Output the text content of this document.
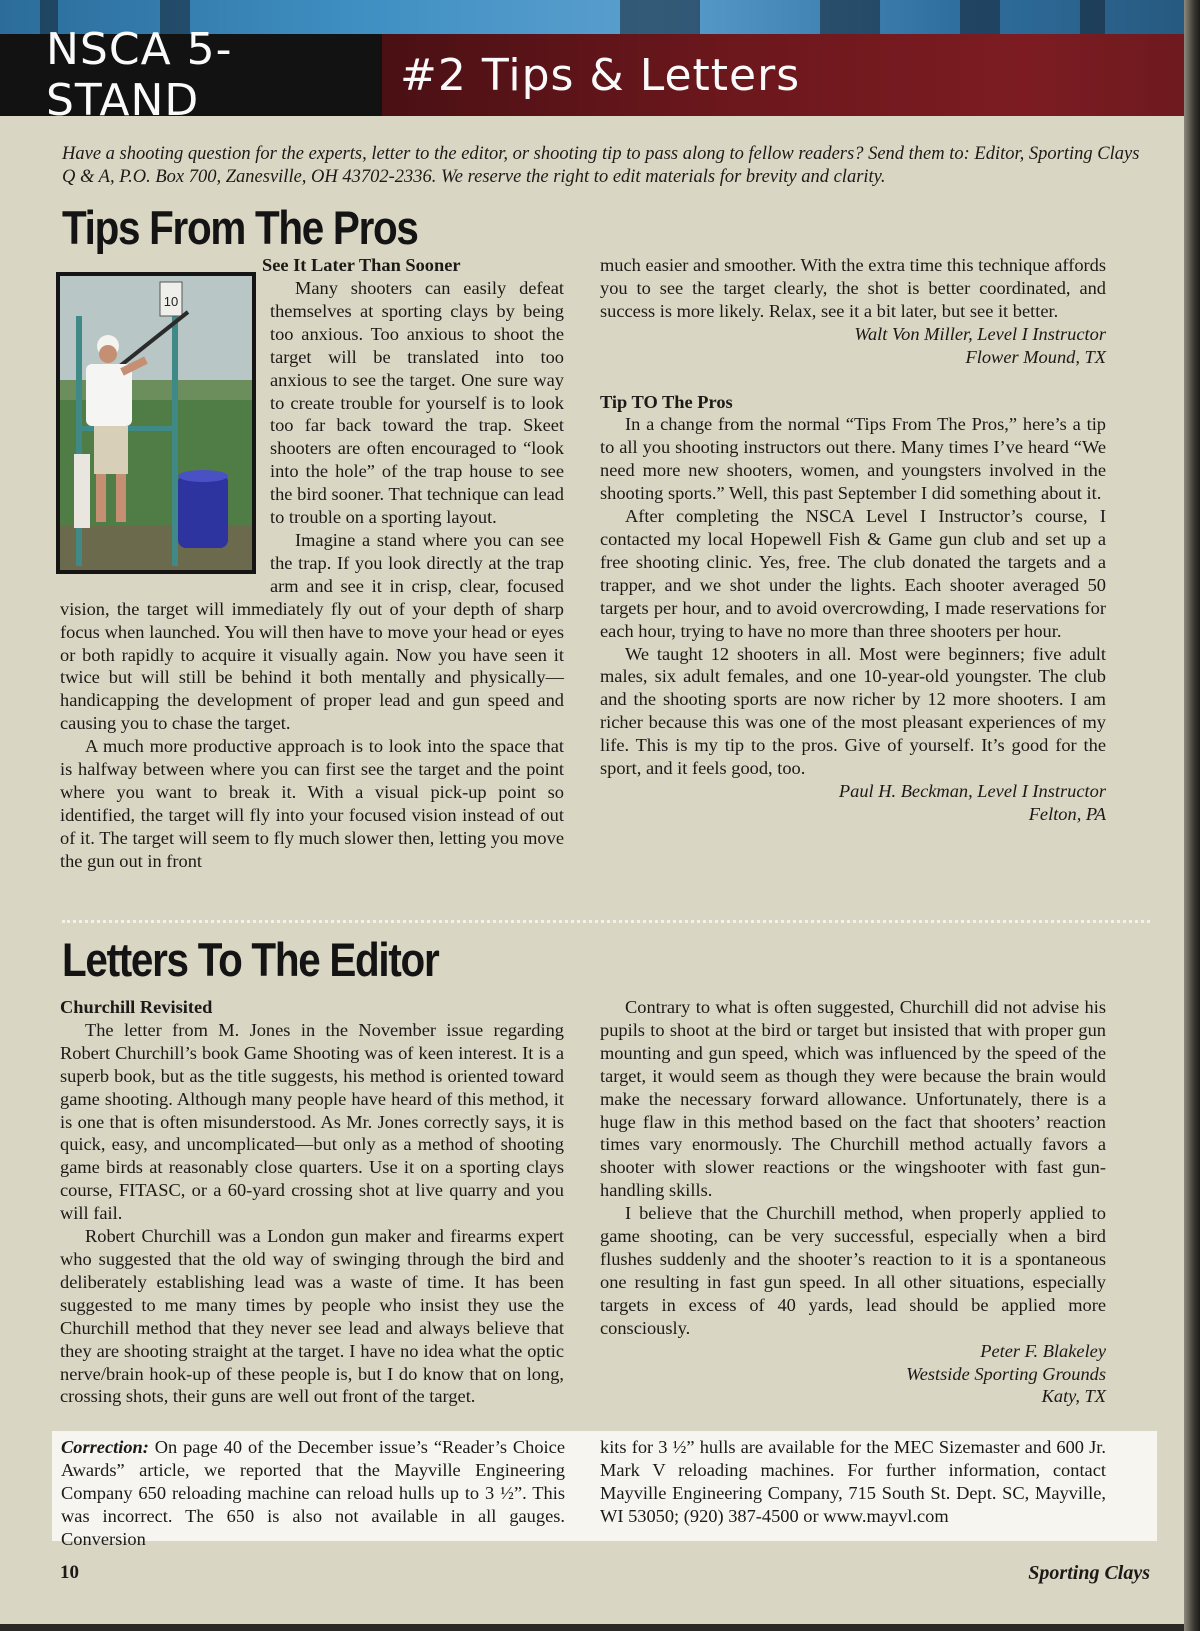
NSCA 5-STAND	#2 Tips & Letters
Have a shooting question for the experts, letter to the editor, or shooting tip to pass along to fellow readers? Send them to: Editor, Sporting Clays Q & A, P.O. Box 700, Zanesville, OH 43702-2336. We reserve the right to edit materials for brevity and clarity.
Tips From The Pros
10
See It Later Than Sooner

Many shooters can easily defeat themselves at sporting clays by being too anxious. Too anxious to shoot the target will be translated into too anxious to see the target. One sure way to create trouble for yourself is to look too far back toward the trap. Skeet shooters are often encouraged to “look into the hole” of the trap house to see the bird sooner. That technique can lead to trouble on a sporting layout.

Imagine a stand where you can see the trap. If you look directly at the trap arm and see it in crisp, clear, focused vision, the target will immediately fly out of your depth of sharp focus when launched. You will then have to move your head or eyes or both rapidly to acquire it visually again. Now you have seen it twice but will still be behind it both mentally and physically—handicapping the development of proper lead and gun speed and causing you to chase the target.

A much more productive approach is to look into the space that is halfway between where you can first see the target and the point where you want to break it. With a visual pick-up point so identified, the target will fly into your focused vision instead of out of it. The target will seem to fly much slower then, letting you move the gun out in front

much easier and smoother. With the extra time this technique affords you to see the target clearly, the shot is better coordinated, and success is more likely. Relax, see it a bit later, but see it better.

Walt Von Miller, Level I Instructor

Flower Mound, TX

Tip TO The Pros

In a change from the normal “Tips From The Pros,” here’s a tip to all you shooting instructors out there. Many times I’ve heard “We need more new shooters, women, and youngsters involved in the shooting sports.” Well, this past September I did something about it.

After completing the NSCA Level I Instructor’s course, I contacted my local Hopewell Fish & Game gun club and set up a free shooting clinic. Yes, free. The club donated the targets and a trapper, and we shot under the lights. Each shooter averaged 50 targets per hour, and to avoid overcrowding, I made reservations for each hour, trying to have no more than three shooters per hour.

We taught 12 shooters in all. Most were beginners; five adult males, six adult females, and one 10-year-old youngster. The club and the shooting sports are now richer by 12 more shooters. I am richer because this was one of the most pleasant experiences of my life. This is my tip to the pros. Give of yourself. It’s good for the sport, and it feels good, too.

Paul H. Beckman, Level I Instructor

Felton, PA

Letters To The Editor
Churchill Revisited

The letter from M. Jones in the November issue regarding Robert Churchill’s book Game Shooting was of keen interest. It is a superb book, but as the title suggests, his method is oriented toward game shooting. Although many people have heard of this method, it is one that is often misunderstood. As Mr. Jones correctly says, it is quick, easy, and uncomplicated—but only as a method of shooting game birds at reasonably close quarters. Use it on a sporting clays course, FITASC, or a 60-yard crossing shot at live quarry and you will fail.

Robert Churchill was a London gun maker and firearms expert who suggested that the old way of swinging through the bird and deliberately establishing lead was a waste of time. It has been suggested to me many times by people who insist they use the Churchill method that they never see lead and always believe that they are shooting straight at the target. I have no idea what the optic nerve/brain hook-up of these people is, but I do know that on long, crossing shots, their guns are well out front of the target.

Contrary to what is often suggested, Churchill did not advise his pupils to shoot at the bird or target but insisted that with proper gun mounting and gun speed, which was influenced by the speed of the target, it would seem as though they were because the brain would make the necessary forward allowance. Unfortunately, there is a huge flaw in this method based on the fact that shooters’ reaction times vary enormously. The Churchill method actually favors a shooter with slower reactions or the wingshooter with fast gun-handling skills.

I believe that the Churchill method, when properly applied to game shooting, can be very successful, especially when a bird flushes suddenly and the shooter’s reaction to it is a spontaneous one resulting in fast gun speed. In all other situations, especially targets in excess of 40 yards, lead should be applied more consciously.

Peter F. Blakeley

Westside Sporting Grounds

Katy, TX

Correction: On page 40 of the December issue’s “Reader’s Choice Awards” article, we reported that the Mayville Engineering Company 650 reloading machine can reload hulls up to 3 ½”. This was incorrect. The 650 is also not available in all gauges. Conversion
kits for 3 ½” hulls are available for the MEC Sizemaster and 600 Jr. Mark V reloading machines. For further information, contact Mayville Engineering Company, 715 South St. Dept. SC, Mayville, WI 53050; (920) 387-4500 or www.mayvl.com
10	Sporting Clays
